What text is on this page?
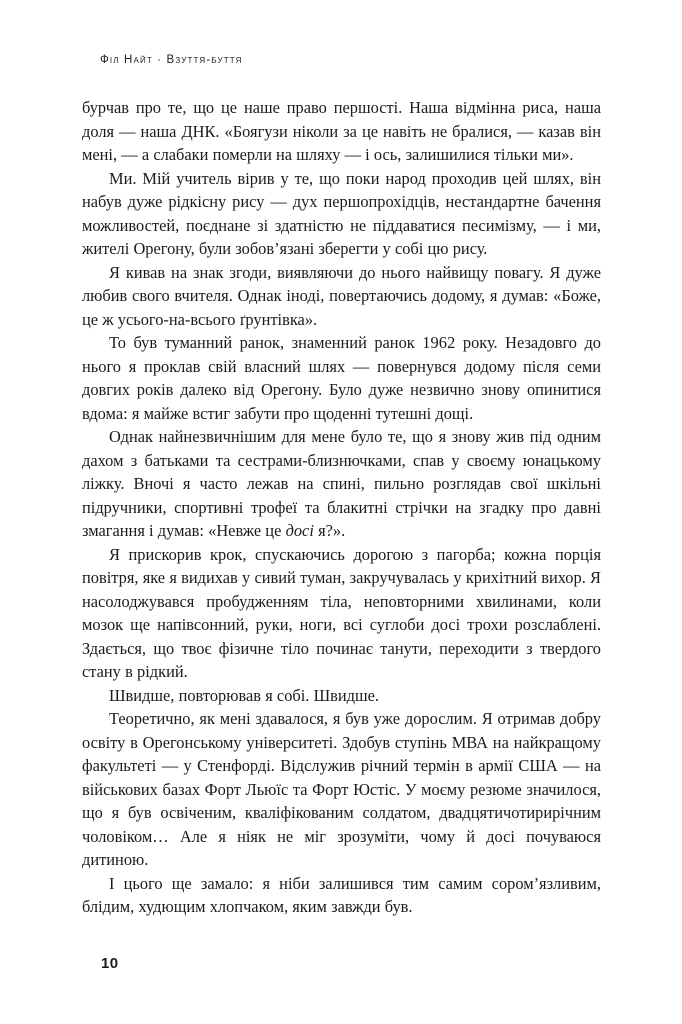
Філ Найт · Взуття-буття

бурчав про те, що це наше право першості. Наша відмінна риса, наша доля — наша ДНК. «Боягузи ніколи за це навіть не бралися, — казав він мені, — а слабаки померли на шляху — і ось, залишилися тільки ми».

Ми. Мій учитель вірив у те, що поки народ проходив цей шлях, він набув дуже рідкісну рису — дух першопрохідців, нестандартне бачення можливостей, поєднане зі здатністю не піддаватися песимізму, — і ми, жителі Орегону, були зобов’язані зберегти у собі цю рису.

Я кивав на знак згоди, виявляючи до нього найвищу повагу. Я дуже любив свого вчителя. Однак іноді, повертаючись додому, я думав: «Боже, це ж усього-на-всього ґрунтівка».

То був туманний ранок, знаменний ранок 1962 року. Незадовго до нього я проклав свій власний шлях — повернувся додому після семи довгих років далеко від Орегону. Було дуже незвично знову опинитися вдома: я майже встиг забути про щоденні тутешні дощі.

Однак найнезвичнішим для мене було те, що я знову жив під одним дахом з батьками та сестрами-близнючками, спав у своєму юнацькому ліжку. Вночі я часто лежав на спині, пильно розглядав свої шкільні підручники, спортивні трофеї та блакитні стрічки на згадку про давні змагання і думав: «Невже це досі я?».

Я прискорив крок, спускаючись дорогою з пагорба; кожна порція повітря, яке я видихав у сивий туман, закручувалась у крихітний вихор. Я насолоджувався пробудженням тіла, неповторними хвилинами, коли мозок ще напівсонний, руки, ноги, всі суглоби досі трохи розслаблені. Здається, що твоє фізичне тіло починає танути, переходити з твердого стану в рідкий.

Швидше, повторював я собі. Швидше.

Теоретично, як мені здавалося, я був уже дорослим. Я отримав добру освіту в Орегонському університеті. Здобув ступінь МВА на найкращому факультеті — у Стенфорді. Відслужив річний термін в армії США — на військових базах Форт Льюїс та Форт Юстіс. У моєму резюме значилося, що я був освіченим, кваліфікованим солдатом, двадцятичотирирічним чоловіком… Але я ніяк не міг зрозуміти, чому й досі почуваюся дитиною.

І цього ще замало: я ніби залишився тим самим сором’язливим, блідим, худющим хлопчаком, яким завжди був.

10
